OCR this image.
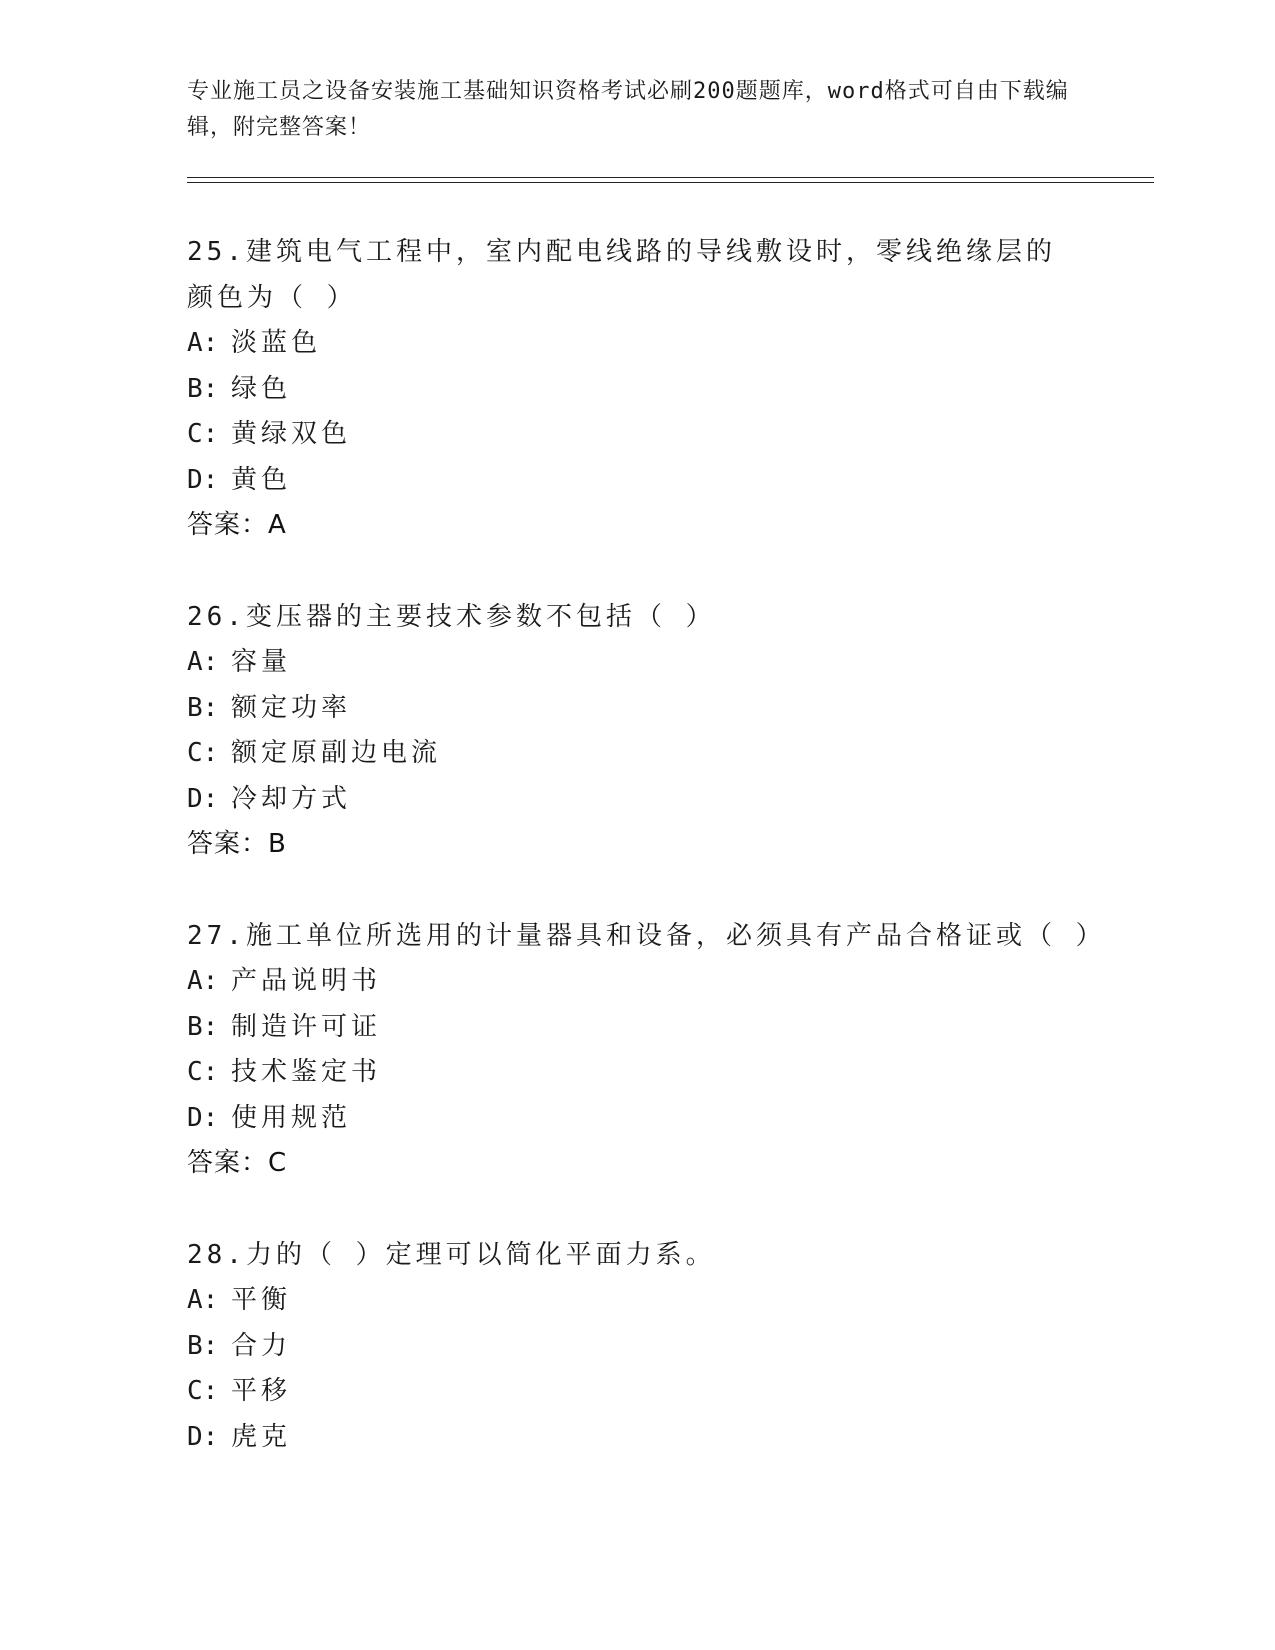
专业施工员之设备安装施工基础知识资格考试必刷200题题库，word格式可自由下载编辑，附完整答案！
25.建筑电气工程中，室内配电线路的导线敷设时，零线绝缘层的颜色为（ ）
A: 淡蓝色
B: 绿色
C: 黄绿双色
D: 黄色
答案：A
26.变压器的主要技术参数不包括（ ）
A: 容量
B: 额定功率
C: 额定原副边电流
D: 冷却方式
答案：B
27.施工单位所选用的计量器具和设备，必须具有产品合格证或（ ）
A: 产品说明书
B: 制造许可证
C: 技术鉴定书
D: 使用规范
答案：C
28.力的（ ）定理可以简化平面力系。
A: 平衡
B: 合力
C: 平移
D: 虎克
